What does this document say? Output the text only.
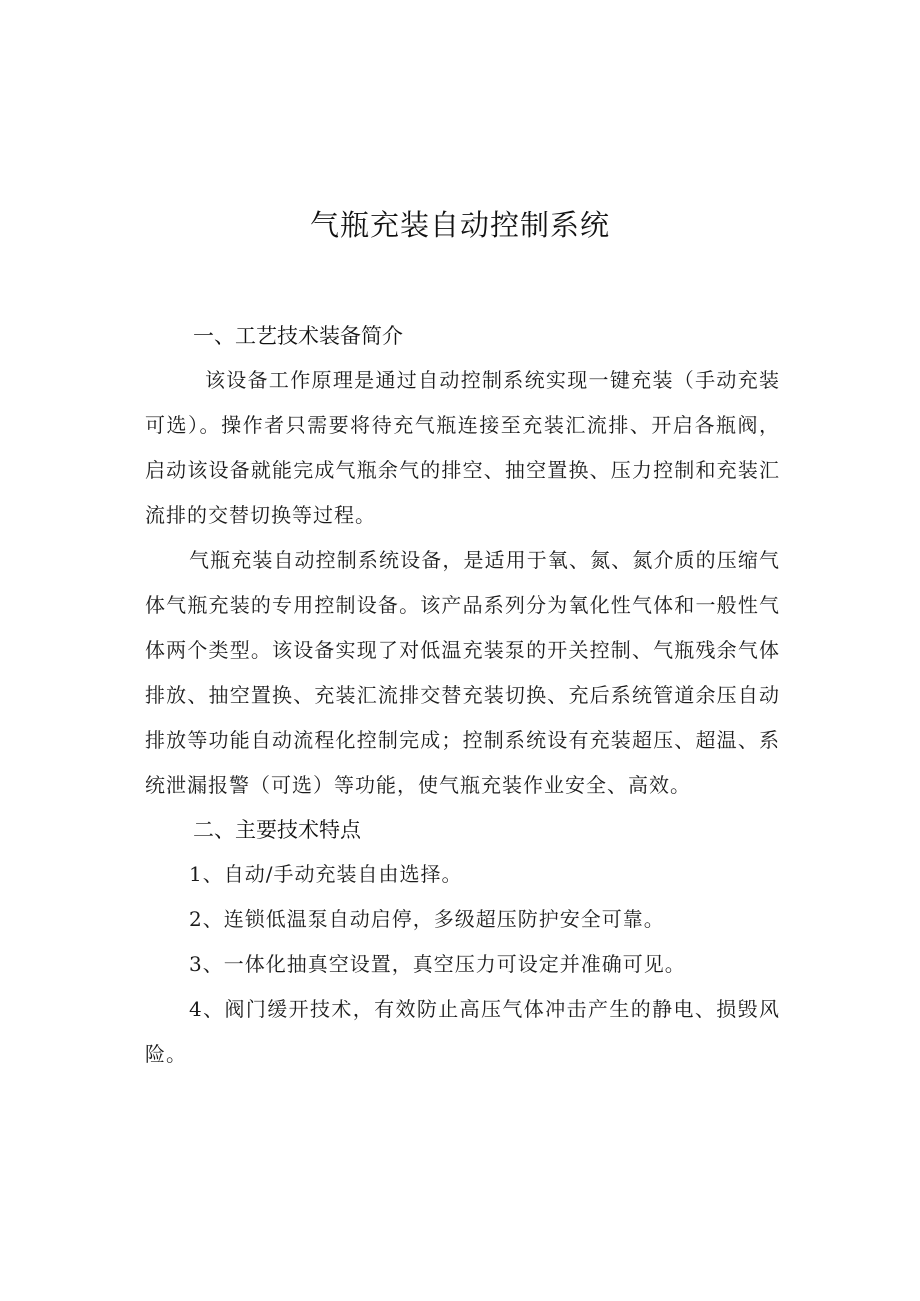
气瓶充装自动控制系统
一、工艺技术装备简介

该设备工作原理是通过自动控制系统实现一键充装（手动充装可选）。操作者只需要将待充气瓶连接至充装汇流排、开启各瓶阀，启动该设备就能完成气瓶余气的排空、抽空置换、压力控制和充装汇流排的交替切换等过程。

气瓶充装自动控制系统设备，是适用于氧、氮、氮介质的压缩气体气瓶充装的专用控制设备。该产品系列分为氧化性气体和一般性气体两个类型。该设备实现了对低温充装泵的开关控制、气瓶残余气体排放、抽空置换、充装汇流排交替充装切换、充后系统管道余压自动排放等功能自动流程化控制完成；控制系统设有充装超压、超温、系统泄漏报警（可选）等功能，使气瓶充装作业安全、高效。

二、主要技术特点

1、自动/手动充装自由选择。

2、连锁低温泵自动启停，多级超压防护安全可靠。

3、一体化抽真空设置，真空压力可设定并准确可见。

4、阀门缓开技术，有效防止高压气体冲击产生的静电、损毁风险。
